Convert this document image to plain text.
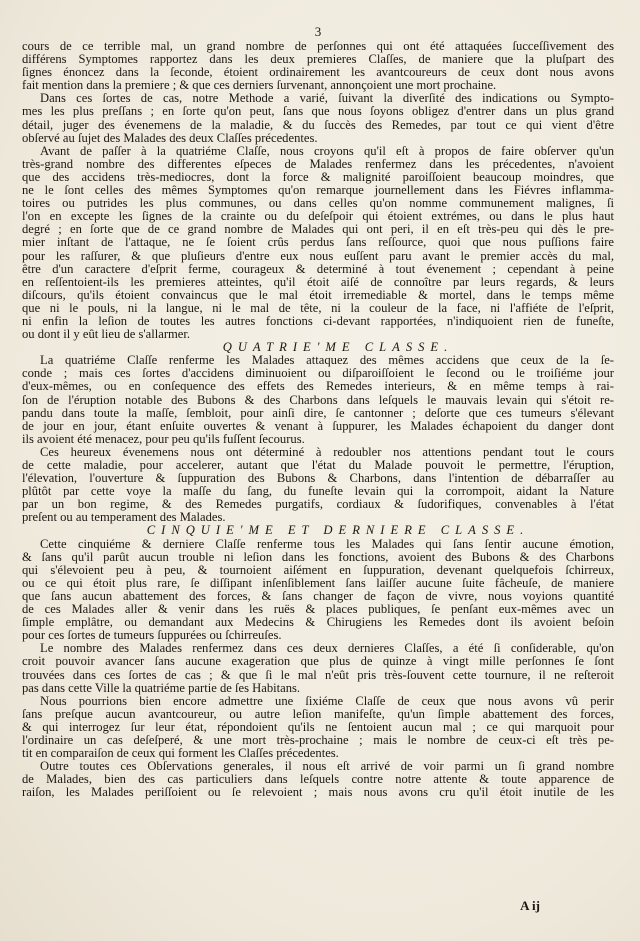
3
cours de ce terrible mal, un grand nombre de perſonnes qui ont été attaquées ſucceſſivement des
différens Symptomes rapportez dans les deux premieres Claſſes, de maniere que la pluſpart des
ſignes énoncez dans la ſeconde, étoient ordinairement les avantcoureurs de ceux dont nous avons
fait mention dans la premiere ; & que ces derniers ſurvenant, annonçoient une mort prochaine.
Dans ces ſortes de cas, notre Methode a varié, ſuivant la diverſité des indications ou Sympto-
mes les plus preſſans ; en ſorte qu'on peut, ſans que nous ſoyons obligez d'entrer dans un plus grand
détail, juger des évenemens de la maladie, & du ſuccès des Remedes, par tout ce qui vient d'être
obſervé au ſujet des Malades des deux Claſſes précedentes.
Avant de paſſer à la quatriéme Claſſe, nous croyons qu'il eſt à propos de faire obſerver qu'un
très-grand nombre des differentes eſpeces de Malades renfermez dans les précedentes, n'avoient
que des accidens très-mediocres, dont la force & malignité paroiſſoient beaucoup moindres, que
ne le ſont celles des mêmes Symptomes qu'on remarque journellement dans les Fiévres inflamma-
toires ou putrides les plus communes, ou dans celles qu'on nomme communement malignes, ſi
l'on en excepte les ſignes de la crainte ou du deſeſpoir qui étoient extrémes, ou dans le plus haut
degré ; en ſorte que de ce grand nombre de Malades qui ont peri, il en eſt très-peu qui dès le pre-
mier inſtant de l'attaque, ne ſe ſoient crûs perdus ſans reſſource, quoi que nous puſſions faire
pour les raſſurer, & que pluſieurs d'entre eux nous euſſent paru avant le premier accès du mal,
être d'un caractere d'eſprit ferme, courageux & determiné à tout évenement ; cependant à peine
en reſſentoient-ils les premieres atteintes, qu'il étoit aiſé de connoître par leurs regards, & leurs
diſcours, qu'ils étoient convaincus que le mal étoit irremediable & mortel, dans le temps même
que ni le pouls, ni la langue, ni le mal de tête, ni la couleur de la face, ni l'affiéte de l'eſprit,
ni enfin la leſion de toutes les autres fonctions ci-devant rapportées, n'indiquoient rien de funeſte,
ou dont il y eût lieu de s'allarmer.
QUATRIE'ME CLASSE.
La quatriéme Claſſe renferme les Malades attaquez des mêmes accidens que ceux de la ſe-
conde ; mais ces ſortes d'accidens diminuoient ou diſparoiſſoient le ſecond ou le troiſiéme jour
d'eux-mêmes, ou en conſequence des effets des Remedes interieurs, & en même temps à rai-
ſon de l'éruption notable des Bubons & des Charbons dans leſquels le mauvais levain qui s'étoit re-
pandu dans toute la maſſe, ſembloit, pour ainſi dire, ſe cantonner ; deſorte que ces tumeurs s'élevant
de jour en jour, étant enſuite ouvertes & venant à ſuppurer, les Malades échapoient du danger dont
ils avoient été menacez, pour peu qu'ils fuſſent ſecourus.
Ces heureux évenemens nous ont déterminé à redoubler nos attentions pendant tout le cours
de cette maladie, pour accelerer, autant que l'état du Malade pouvoit le permettre, l'éruption,
l'élevation, l'ouverture & ſuppuration des Bubons & Charbons, dans l'intention de débarraſſer au
plûtôt par cette voye la maſſe du ſang, du funeſte levain qui la corrompoit, aidant la Nature
par un bon regime, & des Remedes purgatifs, cordiaux & ſudorifiques, convenables à l'état
preſent ou au temperament des Malades.
CINQUIE'ME ET DERNIERE CLASSE.
Cette cinquiéme & derniere Claſſe renferme tous les Malades qui ſans ſentir aucune émotion,
& ſans qu'il parût aucun trouble ni leſion dans les fonctions, avoient des Bubons & des Charbons
qui s'élevoient peu à peu, & tournoient aiſément en ſuppuration, devenant quelquefois ſchirreux,
ou ce qui étoit plus rare, ſe diſſipant inſenſiblement ſans laiſſer aucune ſuite fâcheuſe, de maniere
que ſans aucun abattement des forces, & ſans changer de façon de vivre, nous voyions quantité
de ces Malades aller & venir dans les ruës & places publiques, ſe penſant eux-mêmes avec un
ſimple emplâtre, ou demandant aux Medecins & Chirugiens les Remedes dont ils avoient beſoin
pour ces ſortes de tumeurs ſuppurées ou ſchirreuſes.
Le nombre des Malades renfermez dans ces deux dernieres Claſſes, a été ſi conſiderable, qu'on
croit pouvoir avancer ſans aucune exageration que plus de quinze à vingt mille perſonnes ſe ſont
trouvées dans ces ſortes de cas ; & que ſi le mal n'eût pris très-ſouvent cette tournure, il ne reſteroit
pas dans cette Ville la quatriéme partie de ſes Habitans.
Nous pourrions bien encore admettre une ſixiéme Claſſe de ceux que nous avons vû perir
ſans preſque aucun avantcoureur, ou autre leſion manifeſte, qu'un ſimple abattement des forces,
& qui interrogez ſur leur état, répondoient qu'ils ne ſentoient aucun mal ; ce qui marquoit pour
l'ordinaire un cas deſeſperé, & une mort très-prochaine ; mais le nombre de ceux-ci eſt très pe-
tit en comparaiſon de ceux qui forment les Claſſes précedentes.
Outre toutes ces Obſervations generales, il nous eſt arrivé de voir parmi un ſi grand nombre
de Malades, bien des cas particuliers dans leſquels contre notre attente & toute apparence de
raiſon, les Malades periſſoient ou ſe relevoient ; mais nous avons cru qu'il étoit inutile de les
A ij
